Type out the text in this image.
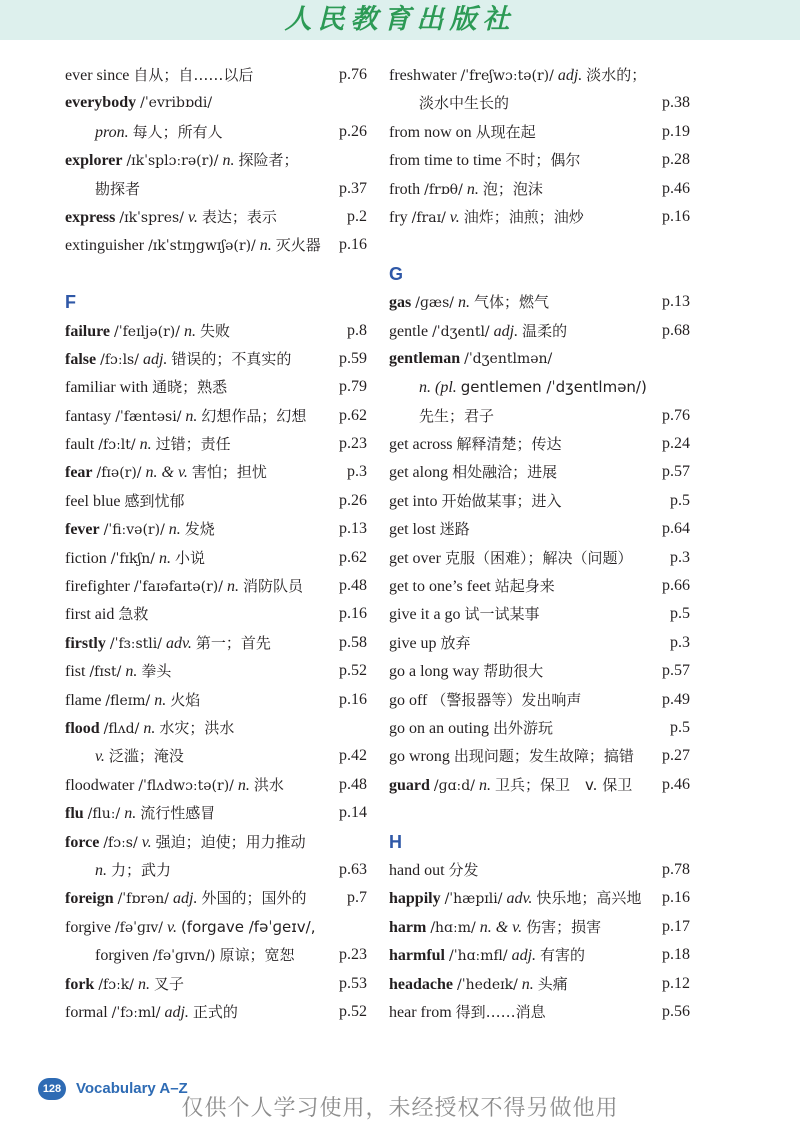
人民教育出版社
ever since 自从；自……以后	p.76
everybody /ˈevribɒdi/
pron. 每人；所有人	p.26
explorer /ɪkˈsplɔːrə(r)/ n. 探险者；
勘探者	p.37
express /ɪkˈspres/ v. 表达；表示	p.2
extinguisher /ɪkˈstɪŋɡwɪʃə(r)/ n. 灭火器 p.16
F
failure /ˈfeɪljə(r)/ n. 失败	p.8
false /fɔːls/ adj. 错误的；不真实的	p.59
familiar with 通晓；熟悉	p.79
fantasy /ˈfæntəsi/ n. 幻想作品；幻想 p.62
fault /fɔːlt/ n. 过错；责任	p.23
fear /fɪə(r)/ n. & v. 害怕；担忧	p.3
feel blue 感到忧郁	p.26
fever /ˈfiːvə(r)/ n. 发烧	p.13
fiction /ˈfɪkʃn/ n. 小说	p.62
firefighter /ˈfaɪəfaɪtə(r)/ n. 消防队员 p.48
first aid 急救	p.16
firstly /ˈfɜːstli/ adv. 第一；首先	p.58
fist /fɪst/ n. 拳头	p.52
flame /fleɪm/ n. 火焰	p.16
flood /flʌd/ n. 水灾；洪水
v. 泛滥；淹没	p.42
floodwater /ˈflʌdwɔːtə(r)/ n. 洪水	p.48
flu /fluː/ n. 流行性感冒	p.14
force /fɔːs/ v. 强迫；迫使；用力推动
n. 力；武力	p.63
foreign /ˈfɒrən/ adj. 外国的；国外的	p.7
forgive /fəˈɡɪv/ v. (forgave /fəˈɡeɪv/,
forgiven /fəˈɡɪvn/) 原谅；宽恕	p.23
fork /fɔːk/ n. 叉子	p.53
formal /ˈfɔːml/ adj. 正式的	p.52
freshwater /ˈfreʃwɔːtə(r)/ adj. 淡水的；
淡水中生长的	p.38
from now on 从现在起	p.19
from time to time 不时；偶尔	p.28
froth /frɒθ/ n. 泡；泡沫	p.46
fry /fraɪ/ v. 油炸；油煎；油炒	p.16
G
gas /ɡæs/ n. 气体；燃气	p.13
gentle /ˈdʒentl/ adj. 温柔的	p.68
gentleman /ˈdʒentlmən/
n. (pl. gentlemen /ˈdʒentlmən/)
先生；君子	p.76
get across 解释清楚；传达	p.24
get along 相处融洽；进展	p.57
get into 开始做某事；进入	p.5
get lost 迷路	p.64
get over 克服（困难）；解决（问题） p.3
get to one’s feet 站起身来	p.66
give it a go 试一试某事	p.5
give up 放弃	p.3
go a long way 帮助很大	p.57
go off （警报器等）发出响声	p.49
go on an outing 出外游玩	p.5
go wrong 出现问题；发生故障；搞错 p.27
guard /ɡɑːd/ n. 卫兵；保卫　v. 保卫 p.46
H
hand out 分发	p.78
happily /ˈhæpɪli/ adv. 快乐地；高兴地 p.16
harm /hɑːm/ n. & v. 伤害；损害	p.17
harmful /ˈhɑːmfl/ adj. 有害的	p.18
headache /ˈhedeɪk/ n. 头痛	p.12
hear from 得到……消息	p.56
128 Vocabulary A–Z
仅供个人学习使用，未经授权不得另做他用
